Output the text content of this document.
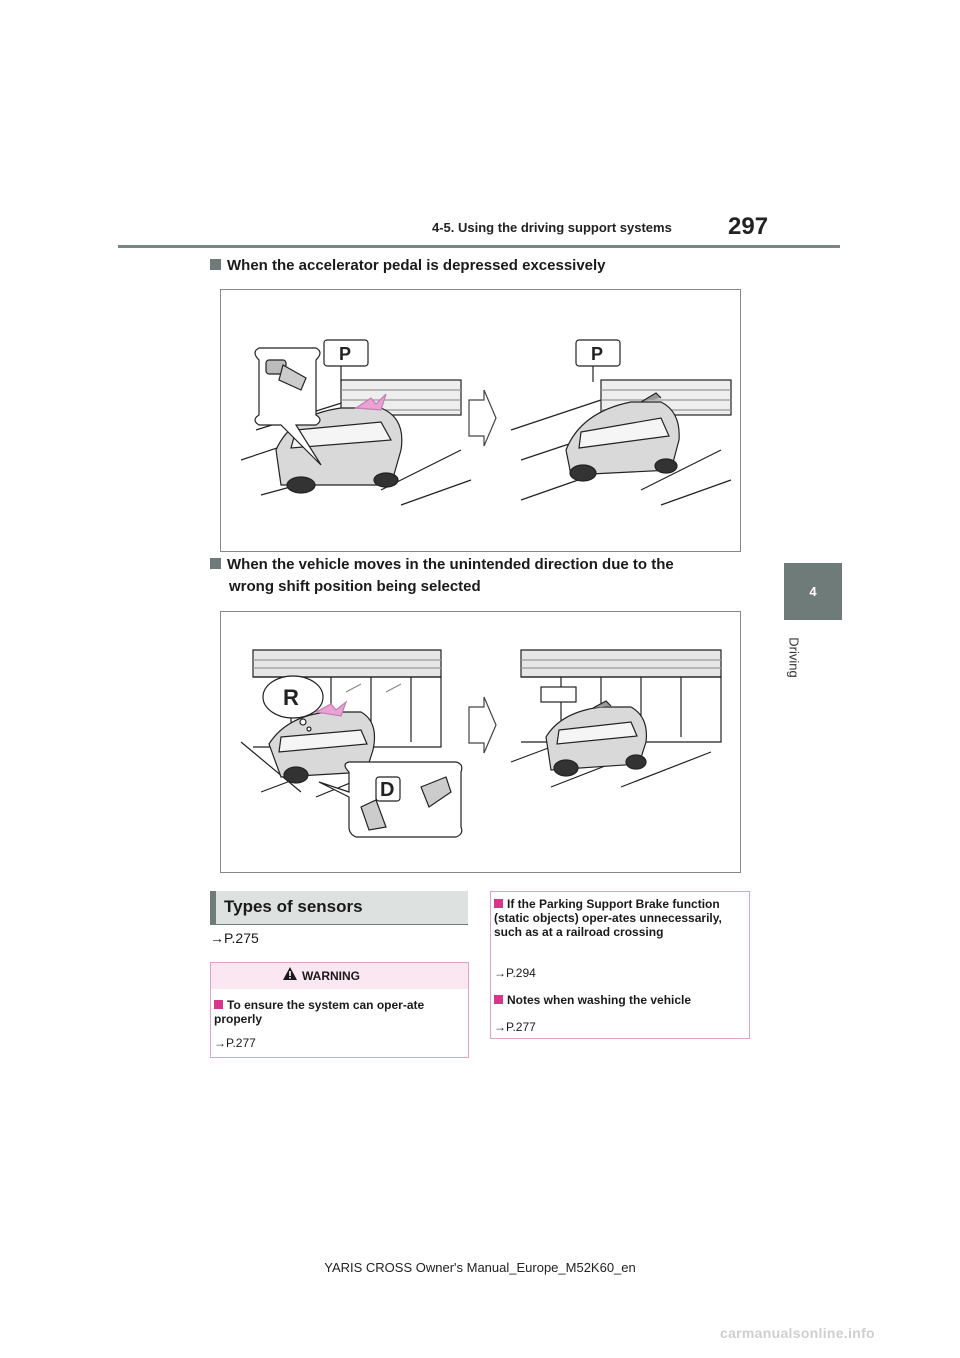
4-5. Using the driving support systems 297
4
Driving
When the accelerator pedal is depressed excessively
P	P
When the vehicle moves in the unintended direction due to the
wrong shift position being selected
R
D
Types of sensors
→P.275
WARNING
To ensure the system can oper-ate properly
→P.277
If the Parking Support Brake function (static objects) oper-ates unnecessarily, such as at a railroad crossing
→P.294
Notes when washing the vehicle
→P.277
YARIS CROSS Owner's Manual_Europe_M52K60_en
carmanualsonline.info
